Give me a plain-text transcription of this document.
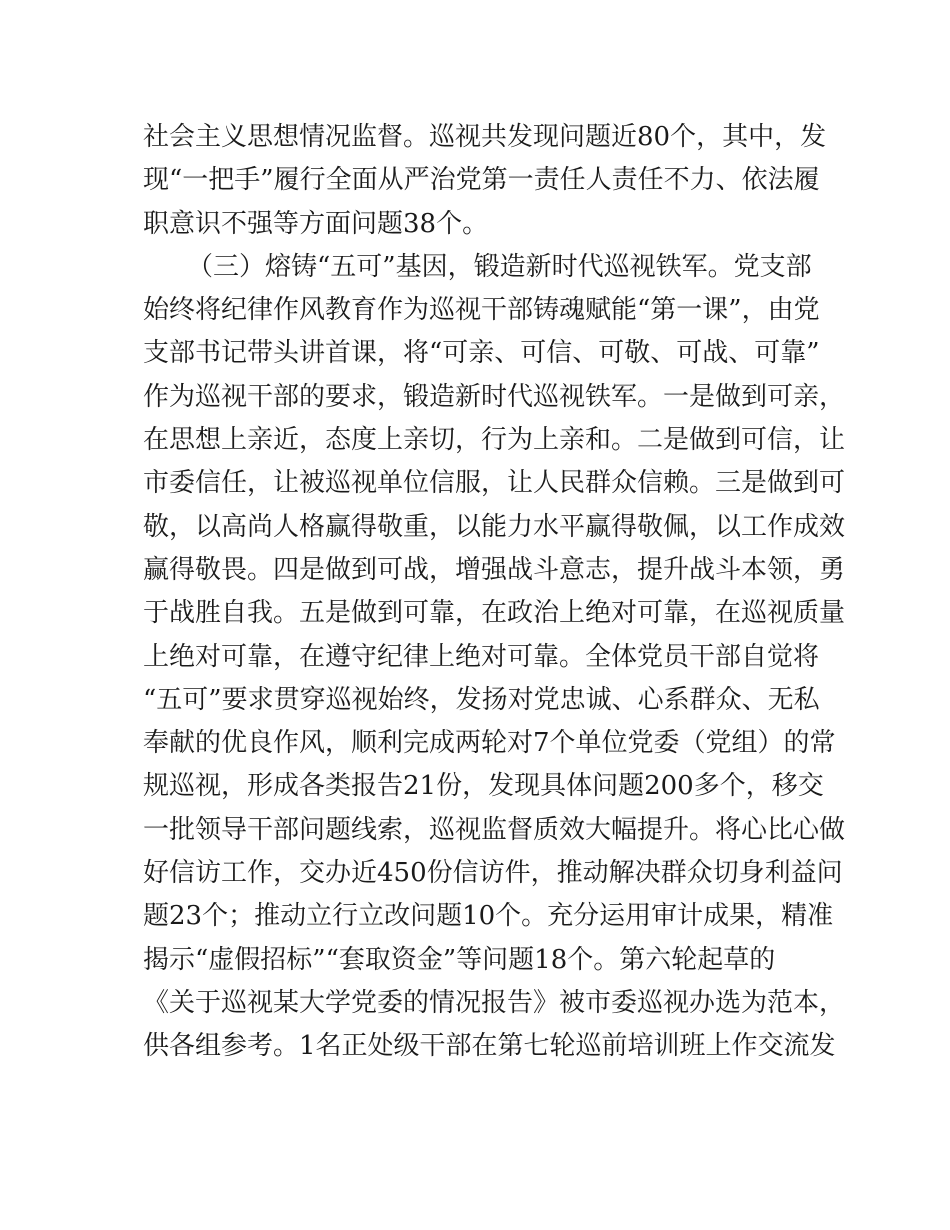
社会主义思想情况监督。巡视共发现问题近80个，其中，发
现“一把手”履行全面从严治党第一责任人责任不力、依法履
职意识不强等方面问题38个。
（三）熔铸“五可”基因，锻造新时代巡视铁军。党支部
始终将纪律作风教育作为巡视干部铸魂赋能“第一课”，由党
支部书记带头讲首课，将“可亲、可信、可敬、可战、可靠”
作为巡视干部的要求，锻造新时代巡视铁军。一是做到可亲，
在思想上亲近，态度上亲切，行为上亲和。二是做到可信，让
市委信任，让被巡视单位信服，让人民群众信赖。三是做到可
敬，以高尚人格赢得敬重，以能力水平赢得敬佩，以工作成效
赢得敬畏。四是做到可战，增强战斗意志，提升战斗本领，勇
于战胜自我。五是做到可靠，在政治上绝对可靠，在巡视质量
上绝对可靠，在遵守纪律上绝对可靠。全体党员干部自觉将
“五可”要求贯穿巡视始终，发扬对党忠诚、心系群众、无私
奉献的优良作风，顺利完成两轮对7个单位党委（党组）的常
规巡视，形成各类报告21份，发现具体问题200多个，移交
一批领导干部问题线索，巡视监督质效大幅提升。将心比心做
好信访工作，交办近450份信访件，推动解决群众切身利益问
题23个；推动立行立改问题10个。充分运用审计成果，精准
揭示“虚假招标”“套取资金”等问题18个。第六轮起草的
《关于巡视某大学党委的情况报告》被市委巡视办选为范本，
供各组参考。1名正处级干部在第七轮巡前培训班上作交流发
